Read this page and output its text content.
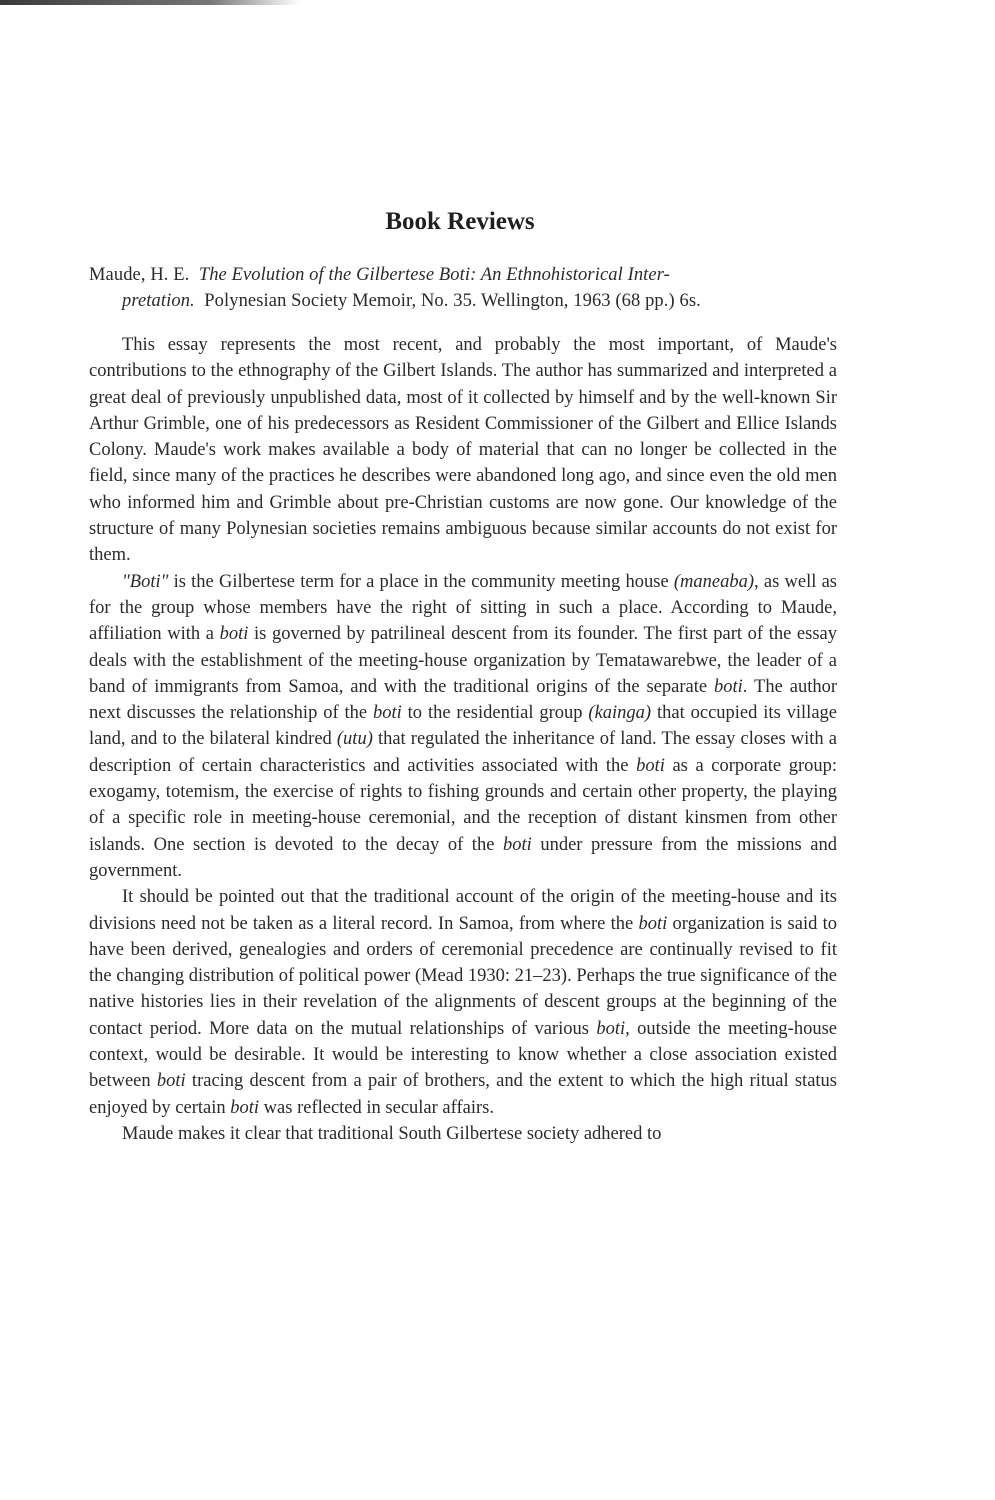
Book Reviews
Maude, H. E. The Evolution of the Gilbertese Boti: An Ethnohistorical Inter-
pretation. Polynesian Society Memoir, No. 35. Wellington, 1963 (68 pp.) 6s.

This essay represents the most recent, and probably the most important, of Maude's contributions to the ethnography of the Gilbert Islands. The author has summarized and interpreted a great deal of previously unpublished data, most of it collected by himself and by the well-known Sir Arthur Grimble, one of his predecessors as Resident Commissioner of the Gilbert and Ellice Islands Colony. Maude's work makes available a body of material that can no longer be collected in the field, since many of the practices he describes were abandoned long ago, and since even the old men who informed him and Grimble about pre-Christian customs are now gone. Our knowledge of the structure of many Polynesian societies remains ambiguous because similar accounts do not exist for them.

"Boti" is the Gilbertese term for a place in the community meeting house (maneaba), as well as for the group whose members have the right of sitting in such a place. According to Maude, affiliation with a boti is governed by patrilineal descent from its founder. The first part of the essay deals with the establishment of the meeting-house organization by Tematawarebwe, the leader of a band of immigrants from Samoa, and with the traditional origins of the separate boti. The author next discusses the relationship of the boti to the residential group (kainga) that occupied its village land, and to the bilateral kindred (utu) that regulated the inheritance of land. The essay closes with a description of certain characteristics and activities associated with the boti as a corporate group: exogamy, totemism, the exercise of rights to fishing grounds and certain other property, the playing of a specific role in meeting-house ceremonial, and the reception of distant kinsmen from other islands. One section is devoted to the decay of the boti under pressure from the missions and government.

It should be pointed out that the traditional account of the origin of the meeting-house and its divisions need not be taken as a literal record. In Samoa, from where the boti organization is said to have been derived, genealogies and orders of ceremonial precedence are continually revised to fit the changing distribution of political power (Mead 1930: 21–23). Perhaps the true significance of the native histories lies in their revelation of the alignments of descent groups at the beginning of the contact period. More data on the mutual relationships of various boti, outside the meeting-house context, would be desirable. It would be interesting to know whether a close association existed between boti tracing descent from a pair of brothers, and the extent to which the high ritual status enjoyed by certain boti was reflected in secular affairs.

Maude makes it clear that traditional South Gilbertese society adhered to
